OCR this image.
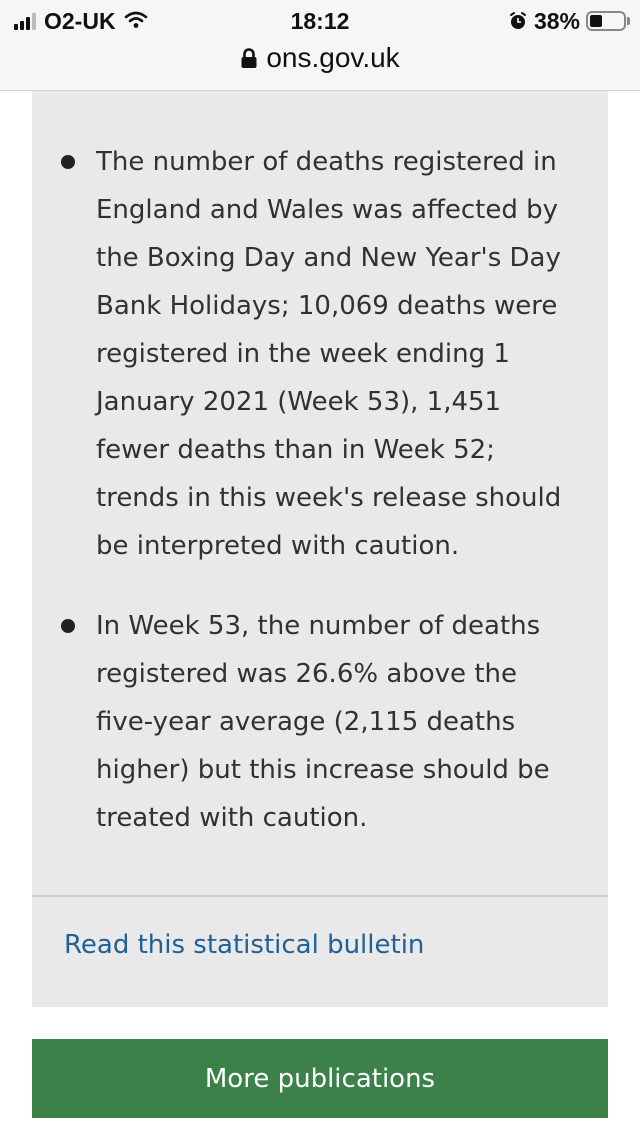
O2-UK	18:12	38%
ons.gov.uk
The number of deaths registered in England and Wales was affected by the Boxing Day and New Year's Day Bank Holidays; 10,069 deaths were registered in the week ending 1 January 2021 (Week 53), 1,451 fewer deaths than in Week 52; trends in this week's release should be interpreted with caution.
In Week 53, the number of deaths registered was 26.6% above the five-year average (2,115 deaths higher) but this increase should be treated with caution.
Read this statistical bulletin
More publications
